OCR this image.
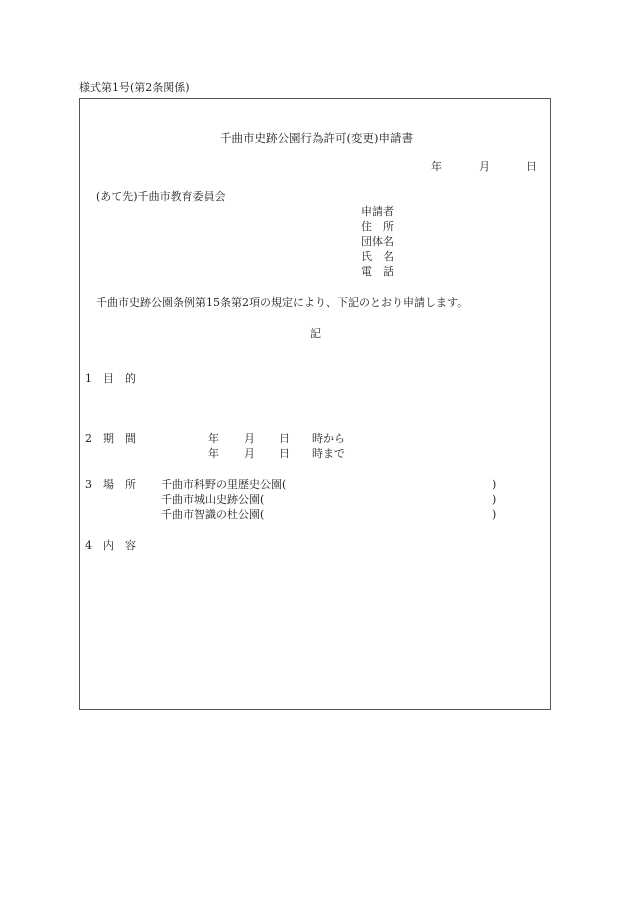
様式第1号(第2条関係)
千曲市史跡公園行為許可(変更)申請書
年	月	日
(あて先)千曲市教育委員会
申請者
住　所
団体名
氏　名
電　話
千曲市史跡公園条例第15条第2項の規定により、下記のとおり申請します。
記
1 目　的
2 期　間	年 月 日 時から
年 月 日 時まで
3 場　所 千曲市科野の里歴史公園(	)
千曲市城山史跡公園(	)
千曲市智識の杜公園(	)
4 内　容
